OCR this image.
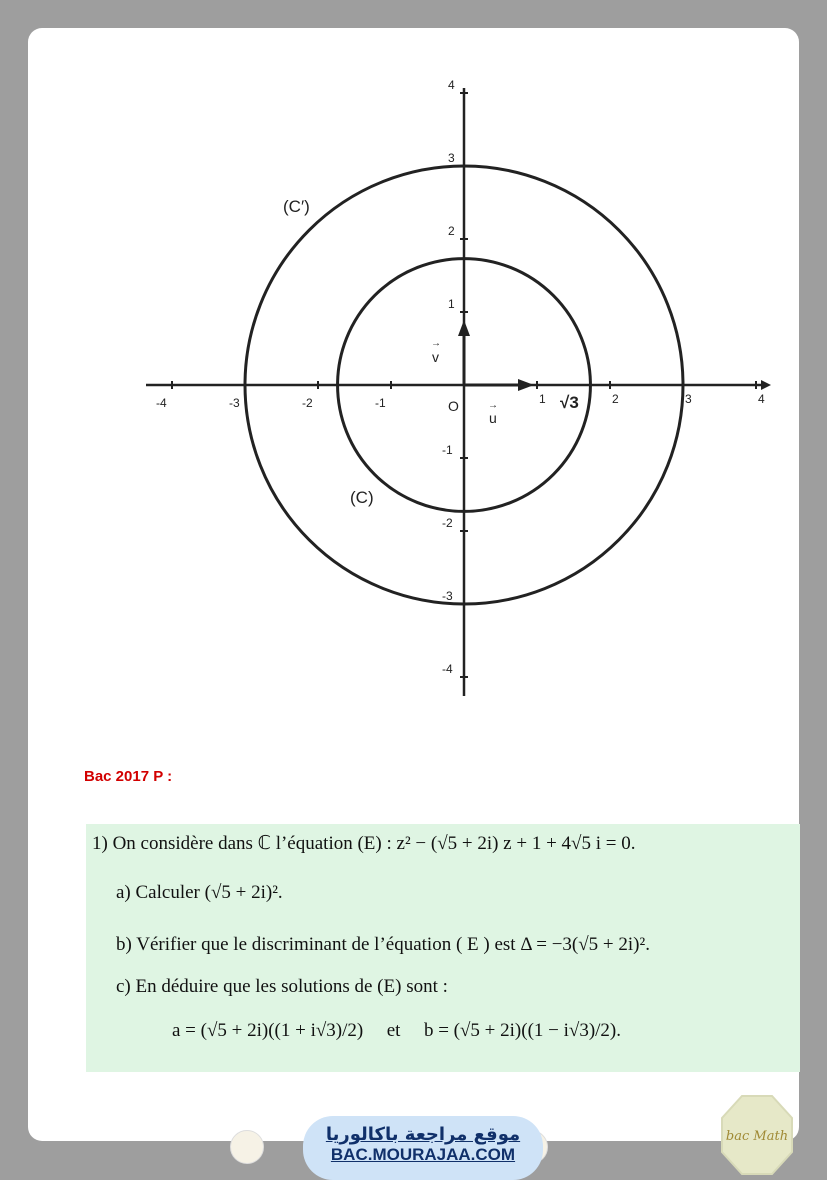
-4	-3	-2	-1	1	2	3	4
4
3
2
1
-1
-2
-3
-4
O
u
→
v
→
√3
(C)
(C′)
Bac 2017 P :
1) On considère dans ℂ l’équation (E) : z² − (√5 + 2i) z + 1 + 4√5 i = 0.
a) Calculer (√5 + 2i)².
b) Vérifier que le discriminant de l’équation ( E ) est Δ = −3(√5 + 2i)².
c) En déduire que les solutions de (E) sont :
a = (√5 + 2i)((1 + i√3)/2) et b = (√5 + 2i)((1 − i√3)/2).
موقع مراجعة باكالوريا
BAC.MOURAJAA.COM
bac Math
